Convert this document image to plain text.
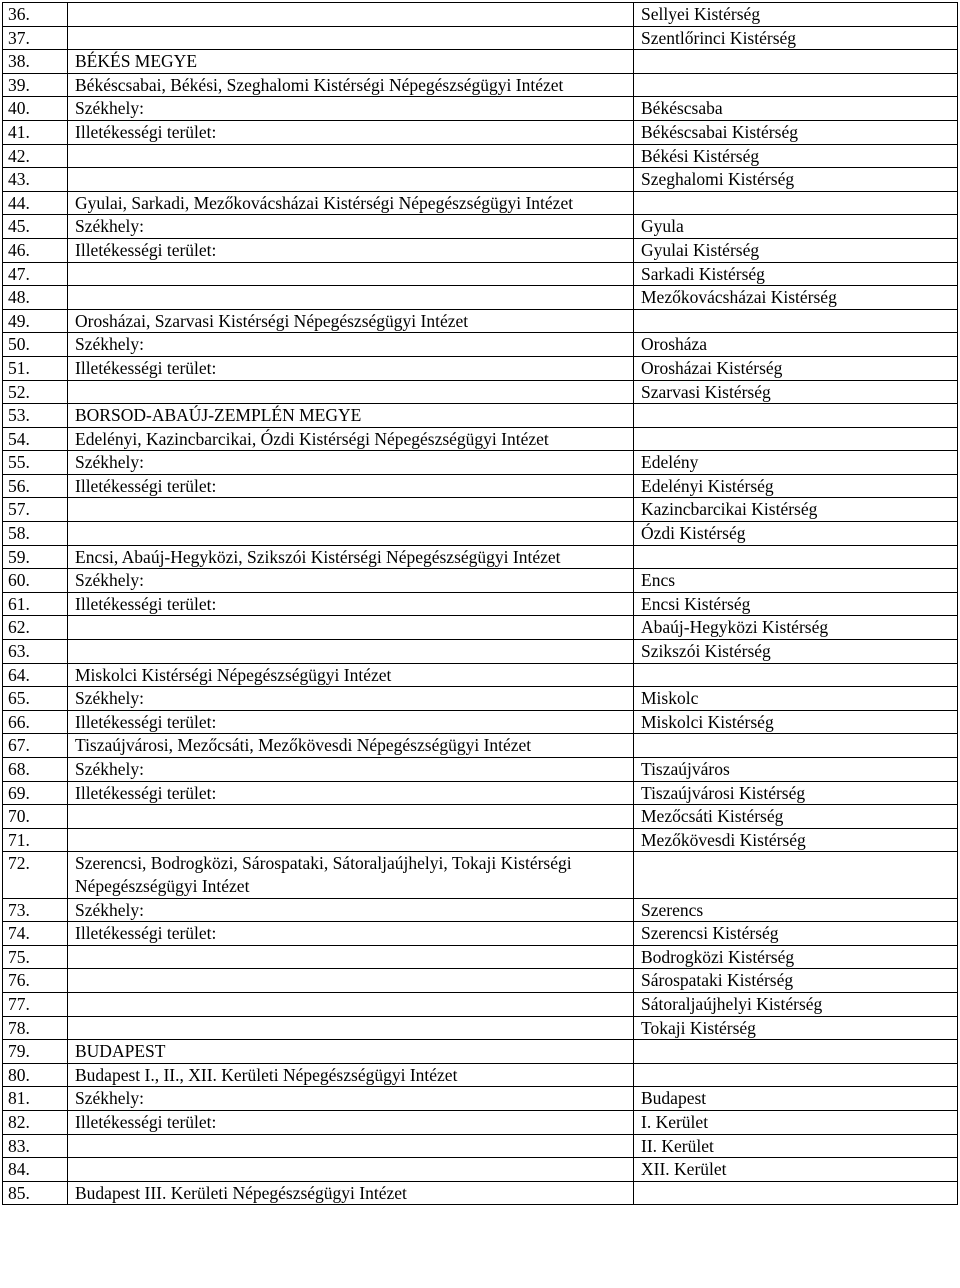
36.		Sellyei Kistérség
37.		Szentlőrinci Kistérség
38.	BÉKÉS MEGYE	
39.	Békéscsabai, Békési, Szeghalomi Kistérségi Népegészségügyi Intézet	
40.	Székhely:	Békéscsaba
41.	Illetékességi terület:	Békéscsabai Kistérség
42.		Békési Kistérség
43.		Szeghalomi Kistérség
44.	Gyulai, Sarkadi, Mezőkovácsházai Kistérségi Népegészségügyi Intézet	
45.	Székhely:	Gyula
46.	Illetékességi terület:	Gyulai Kistérség
47.		Sarkadi Kistérség
48.		Mezőkovácsházai Kistérség
49.	Orosházai, Szarvasi Kistérségi Népegészségügyi Intézet	
50.	Székhely:	Orosháza
51.	Illetékességi terület:	Orosházai Kistérség
52.		Szarvasi Kistérség
53.	BORSOD-ABAÚJ-ZEMPLÉN MEGYE	
54.	Edelényi, Kazincbarcikai, Ózdi Kistérségi Népegészségügyi Intézet	
55.	Székhely:	Edelény
56.	Illetékességi terület:	Edelényi Kistérség
57.		Kazincbarcikai Kistérség
58.		Ózdi Kistérség
59.	Encsi, Abaúj-Hegyközi, Szikszói Kistérségi Népegészségügyi Intézet	
60.	Székhely:	Encs
61.	Illetékességi terület:	Encsi Kistérség
62.		Abaúj-Hegyközi Kistérség
63.		Szikszói Kistérség
64.	Miskolci Kistérségi Népegészségügyi Intézet	
65.	Székhely:	Miskolc
66.	Illetékességi terület:	Miskolci Kistérség
67.	Tiszaújvárosi, Mezőcsáti, Mezőkövesdi Népegészségügyi Intézet	
68.	Székhely:	Tiszaújváros
69.	Illetékességi terület:	Tiszaújvárosi Kistérség
70.		Mezőcsáti Kistérség
71.		Mezőkövesdi Kistérség
72.	Szerencsi, Bodrogközi, Sárospataki, Sátoraljaújhelyi, Tokaji Kistérségi Népegészségügyi Intézet	
73.	Székhely:	Szerencs
74.	Illetékességi terület:	Szerencsi Kistérség
75.		Bodrogközi Kistérség
76.		Sárospataki Kistérség
77.		Sátoraljaújhelyi Kistérség
78.		Tokaji Kistérség
79.	BUDAPEST	
80.	Budapest I., II., XII. Kerületi Népegészségügyi Intézet	
81.	Székhely:	Budapest
82.	Illetékességi terület:	I. Kerület
83.		II. Kerület
84.		XII. Kerület
85.	Budapest III. Kerületi Népegészségügyi Intézet	
